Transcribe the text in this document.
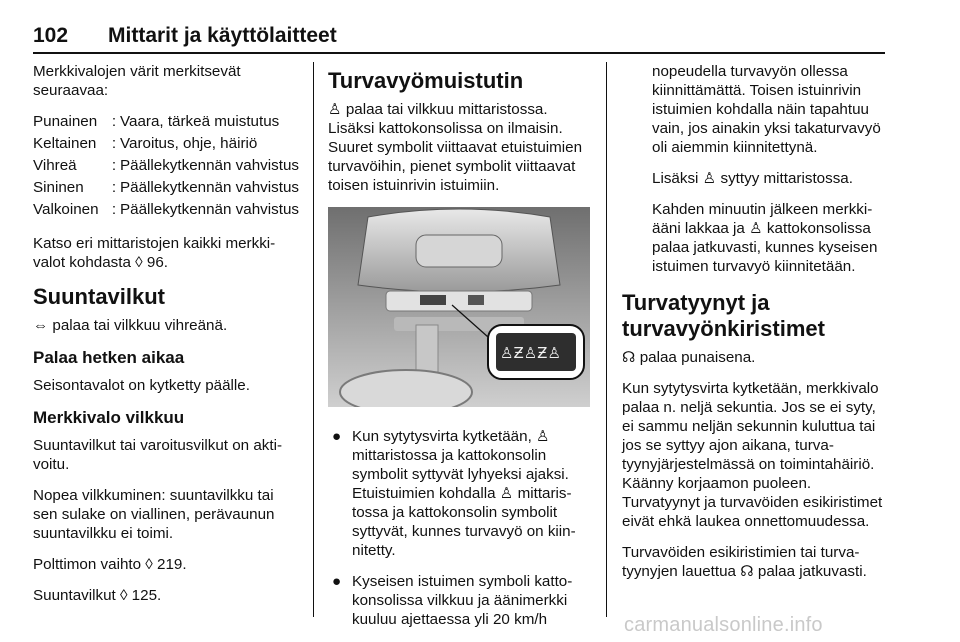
102 Mittarit ja käyttölaitteet

Merkkivalojen värit merkitsevät seuraavaa:

Punainen	:	Vaara, tärkeä muistutus

Keltainen	:	Varoitus, ohje, häiriö

Vihreä	:	Päällekytkennän vahvistus

Sininen	:	Päällekytkennän vahvistus

Valkoinen	:	Päällekytkennän vahvistus

Katso eri mittaristojen kaikki merkkivalot kohdasta ◊ 96.

Suuntavilkut

⇔ palaa tai vilkkuu vihreänä.

Palaa hetken aikaa

Seisontavalot on kytketty päälle.

Merkkivalo vilkkuu

Suuntavilkut tai varoitusvilkut on aktivoitu.

Nopea vilkkuminen: suuntavilkku tai sen sulake on viallinen, perävaunun suuntavilkku ei toimi.

Polttimon vaihto ◊ 219.

Suuntavilkut ◊ 125.

Turvavyömuistutin

♙ palaa tai vilkkuu mittaristossa. Lisäksi kattokonsolissa on ilmaisin. Suuret symbolit viittaavat etuistuimien turvavöihin, pienet symbolit viittaavat toisen istuinrivin istuimiin.

♙Ƶ♙Ƶ♙
● Kun sytytysvirta kytketään, ♙ mittaristossa ja kattokonsolin symbolit syttyvät lyhyeksi ajaksi. Etuistuimien kohdalla ♙ mittaristossa ja kattokonsolin symbolit syttyvät, kunnes turvavyö on kiinnitetty.
● Kyseisen istuimen symboli kattokonsolissa vilkkuu ja äänimerkki kuuluu ajettaessa yli 20 km/h

nopeudella turvavyön ollessa kiinnittämättä. Toisen istuinrivin istuimien kohdalla näin tapahtuu vain, jos ainakin yksi takaturvavyö oli aiemmin kiinnitettynä.

Lisäksi ♙ syttyy mittaristossa.

Kahden minuutin jälkeen merkkiääni lakkaa ja ♙ kattokonsolissa palaa jatkuvasti, kunnes kyseisen istuimen turvavyö kiinnitetään.

Turvatyynyt ja turvavyönkiristimet

☊ palaa punaisena.

Kun sytytysvirta kytketään, merkkivalo palaa n. neljä sekuntia. Jos se ei syty, ei sammu neljän sekunnin kuluttua tai jos se syttyy ajon aikana, turvatyynyjärjestelmässä on toimintahäiriö. Käänny korjaamon puoleen. Turvatyynyt ja turvavöiden esikiristimet eivät ehkä laukea onnettomuudessa.

Turvavöiden esikiristimien tai turvatyynyjen lauettua ☊ palaa jatkuvasti.

carmanualsonline.info
